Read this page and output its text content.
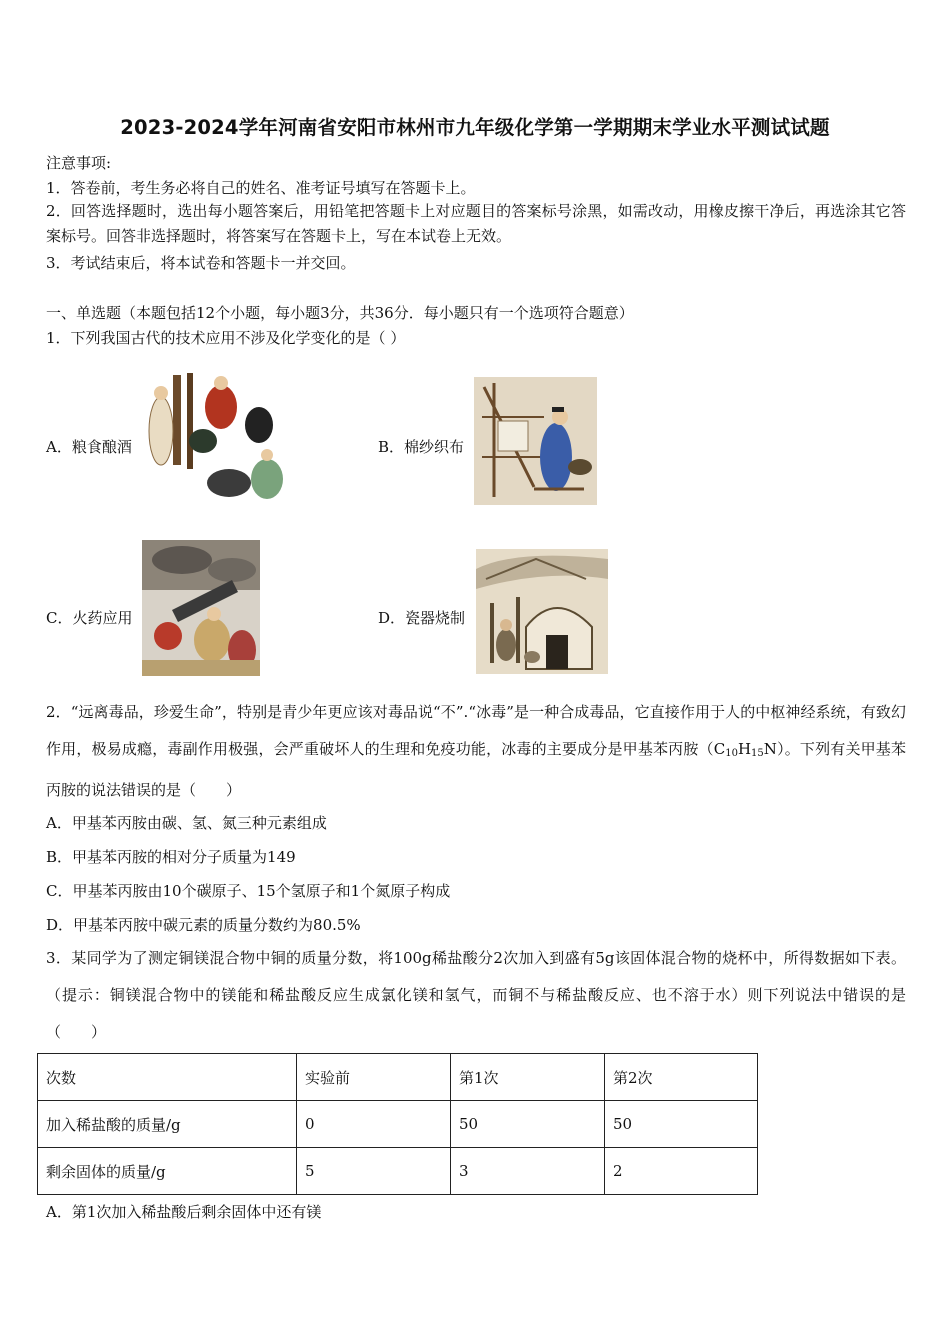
2023-2024学年河南省安阳市林州市九年级化学第一学期期末学业水平测试试题
注意事项:
1．答卷前，考生务必将自己的姓名、准考证号填写在答题卡上。
2．回答选择题时，选出每小题答案后，用铅笔把答题卡上对应题目的答案标号涂黑，如需改动，用橡皮擦干净后，再选涂其它答案标号。回答非选择题时，将答案写在答题卡上，写在本试卷上无效。
3．考试结束后，将本试卷和答题卡一并交回。
一、单选题（本题包括12个小题，每小题3分，共36分．每小题只有一个选项符合题意）
1．下列我国古代的技术应用不涉及化学变化的是（ ）
A．粮食酿酒	B．棉纱织布
C．火药应用	D．瓷器烧制
2．“远离毒品，珍爱生命”，特别是青少年更应该对毒品说“不”.“冰毒”是一种合成毒品，它直接作用于人的中枢神经系统，有致幻作用，极易成瘾，毒副作用极强，会严重破坏人的生理和免疫功能，冰毒的主要成分是甲基苯丙胺$(C_{10}H_{15}N)$。下列有关甲基苯丙胺的说法错误的是（　　）
A．甲基苯丙胺由碳、氢、氮三种元素组成
B．甲基苯丙胺的相对分子质量为149
C．甲基苯丙胺由10个碳原子、15个氢原子和1个氮原子构成
D．甲基苯丙胺中碳元素的质量分数约为80.5%
3．某同学为了测定铜镁混合物中铜的质量分数，将100g稀盐酸分2次加入到盛有5g该固体混合物的烧杯中，所得数据如下表。（提示：铜镁混合物中的镁能和稀盐酸反应生成氯化镁和氢气，而铜不与稀盐酸反应、也不溶于水）则下列说法中错误的是（　　）
次数	实验前	第1次	第2次
加入稀盐酸的质量/g	0	50	50
剩余固体的质量/g	5	3	2
A．第1次加入稀盐酸后剩余固体中还有镁
